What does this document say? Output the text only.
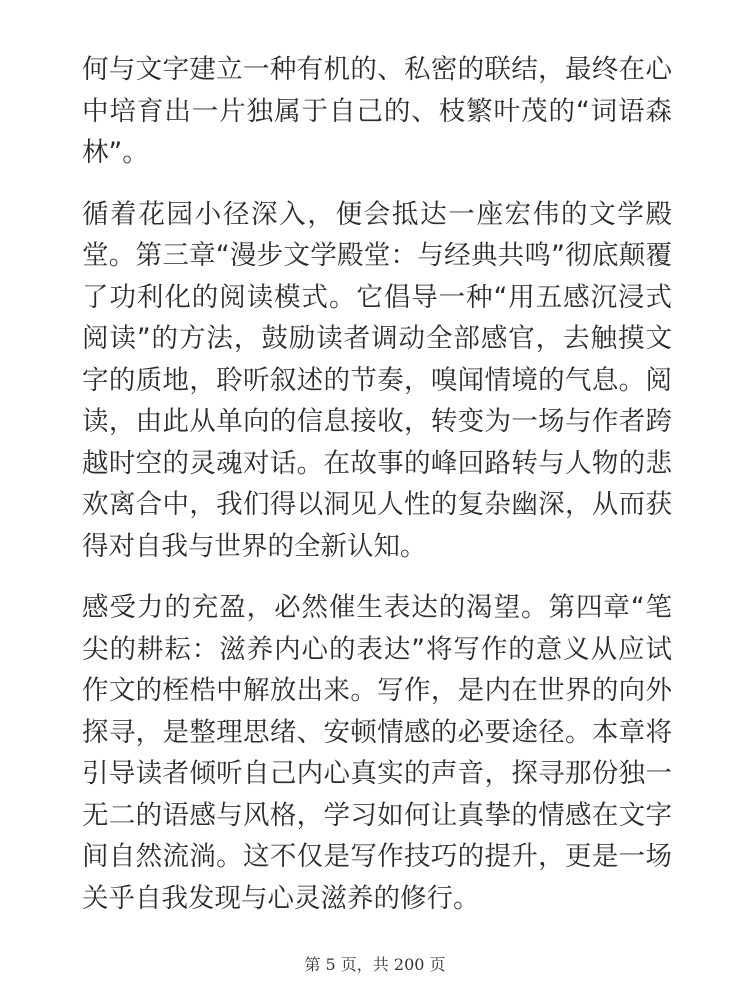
何与文字建立一种有机的、私密的联结，最终在心中培育出一片独属于自己的、枝繁叶茂的“词语森林”。

循着花园小径深入，便会抵达一座宏伟的文学殿堂。第三章“漫步文学殿堂：与经典共鸣”彻底颠覆了功利化的阅读模式。它倡导一种“用五感沉浸式阅读”的方法，鼓励读者调动全部感官，去触摸文字的质地，聆听叙述的节奏，嗅闻情境的气息。阅读，由此从单向的信息接收，转变为一场与作者跨越时空的灵魂对话。在故事的峰回路转与人物的悲欢离合中，我们得以洞见人性的复杂幽深，从而获得对自我与世界的全新认知。

感受力的充盈，必然催生表达的渴望。第四章“笔尖的耕耘：滋养内心的表达”将写作的意义从应试作文的桎梏中解放出来。写作，是内在世界的向外探寻，是整理思绪、安顿情感的必要途径。本章将引导读者倾听自己内心真实的声音，探寻那份独一无二的语感与风格，学习如何让真挚的情感在文字间自然流淌。这不仅是写作技巧的提升，更是一场关乎自我发现与心灵滋养的修行。

第 5 页，共 200 页
